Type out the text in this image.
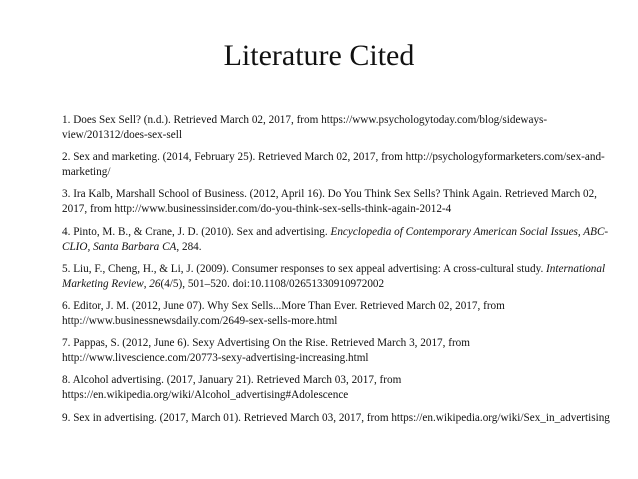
Literature Cited
1. Does Sex Sell? (n.d.). Retrieved March 02, 2017, from https://www.psychologytoday.com/blog/sideways-view/201312/does-sex-sell
2. Sex and marketing. (2014, February 25). Retrieved March 02, 2017, from http://psychologyformarketers.com/sex-and-marketing/
3. Ira Kalb, Marshall School of Business. (2012, April 16). Do You Think Sex Sells? Think Again. Retrieved March 02, 2017, from http://www.businessinsider.com/do-you-think-sex-sells-think-again-2012-4
4. Pinto, M. B., & Crane, J. D. (2010). Sex and advertising. Encyclopedia of Contemporary American Social Issues, ABC-CLIO, Santa Barbara CA, 284.
5. Liu, F., Cheng, H., & Li, J. (2009). Consumer responses to sex appeal advertising: A cross‐cultural study. International Marketing Review, 26(4/5), 501–520. doi:10.1108/02651330910972002
6. Editor, J. M. (2012, June 07). Why Sex Sells...More Than Ever. Retrieved March 02, 2017, from http://www.businessnewsdaily.com/2649-sex-sells-more.html
7. Pappas, S. (2012, June 6). Sexy Advertising On the Rise. Retrieved March 3, 2017, from http://www.livescience.com/20773-sexy-advertising-increasing.html
8. Alcohol advertising. (2017, January 21). Retrieved March 03, 2017, from https://en.wikipedia.org/wiki/Alcohol_advertising#Adolescence
9. Sex in advertising. (2017, March 01). Retrieved March 03, 2017, from https://en.wikipedia.org/wiki/Sex_in_advertising
